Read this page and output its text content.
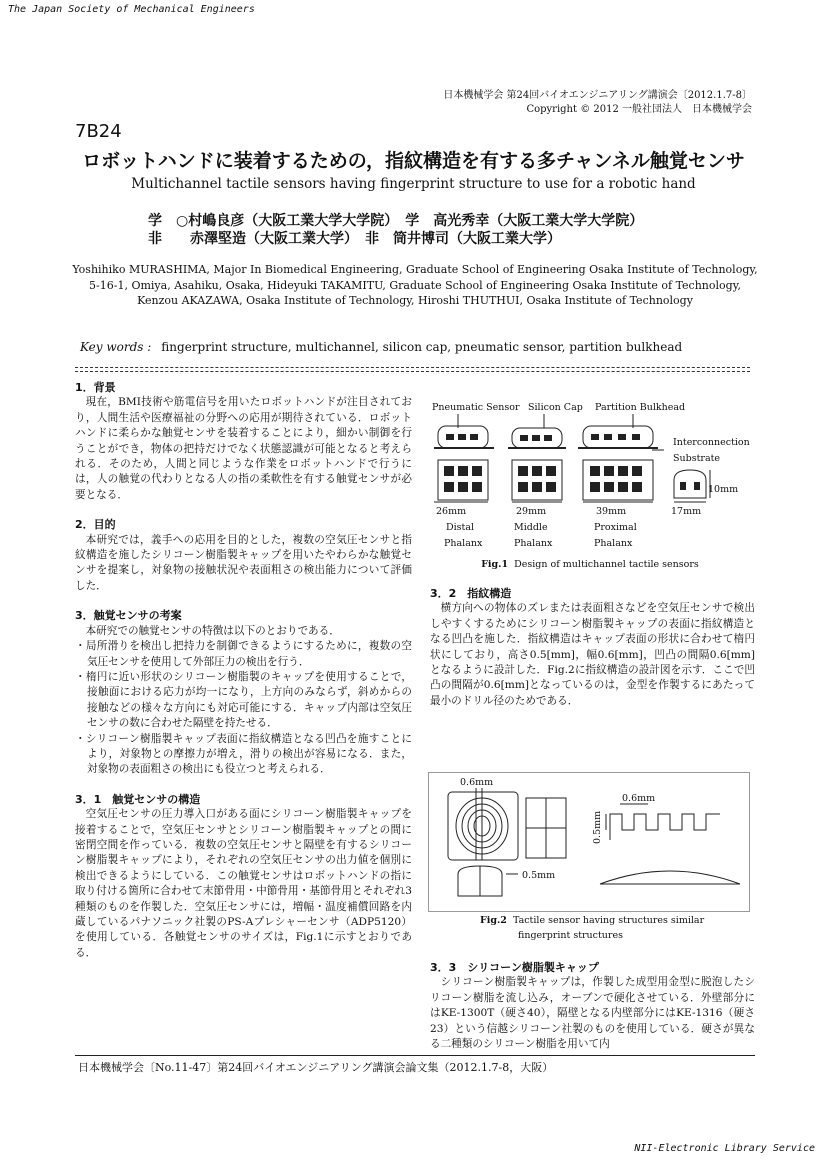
The Japan Society of Mechanical Engineers
日本機械学会 第24回バイオエンジニアリング講演会〔2012.1.7-8〕
Copyright © 2012 一般社団法人　日本機械学会
7B24
ロボットハンドに装着するための，指紋構造を有する多チャンネル触覚センサ
Multichannel tactile sensors having fingerprint structure to use for a robotic hand
学　○村嶋良彦（大阪工業大学大学院）　学　高光秀幸（大阪工業大学大学院）
非　　赤澤堅造（大阪工業大学）　非　筒井博司（大阪工業大学）
Yoshihiko MURASHIMA, Major In Biomedical Engineering, Graduate School of Engineering Osaka Institute of Technology, 5-16-1, Omiya, Asahiku, Osaka, Hideyuki TAKAMITU, Graduate School of Engineering Osaka Institute of Technology, Kenzou AKAZAWA, Osaka Institute of Technology, Hiroshi THUTHUI, Osaka Institute of Technology
Key words : fingerprint structure, multichannel, silicon cap, pneumatic sensor, partition bulkhead
1．背景

現在，BMI技術や筋電信号を用いたロボットハンドが注目されており，人間生活や医療福祉の分野への応用が期待されている．ロボットハンドに柔らかな触覚センサを装着することにより，細かい制御を行うことができ，物体の把持だけでなく状態認識が可能となると考えられる．そのため，人間と同じような作業をロボットハンドで行うには，人の触覚の代わりとなる人の指の柔軟性を有する触覚センサが必要となる．

2．目的

本研究では，義手への応用を目的とした，複数の空気圧センサと指紋構造を施したシリコーン樹脂製キャップを用いたやわらかな触覚センサを提案し，対象物の接触状況や表面粗さの検出能力について評価した．

3．触覚センサの考案

本研究での触覚センサの特徴は以下のとおりである．

・局所滑りを検出し把持力を制御できるようにするために，複数の空気圧センサを使用して外部圧力の検出を行う．

・楕円に近い形状のシリコーン樹脂製のキャップを使用することで，接触面における応力が均一になり，上方向のみならず，斜めからの接触などの様々な方向にも対応可能にする．キャップ内部は空気圧センサの数に合わせた隔壁を持たせる．

・シリコーン樹脂製キャップ表面に指紋構造となる凹凸を施すことにより，対象物との摩擦力が増え，滑りの検出が容易になる．また，対象物の表面粗さの検出にも役立つと考えられる．

3．1　触覚センサの構造

空気圧センサの圧力導入口がある面にシリコーン樹脂製キャップを接着することで，空気圧センサとシリコーン樹脂製キャップとの間に密閉空間を作っている．複数の空気圧センサと隔壁を有するシリコーン樹脂製キャップにより，それぞれの空気圧センサの出力値を個別に検出できるようにしている．この触覚センサはロボットハンドの指に取り付ける箇所に合わせて末節骨用・中節骨用・基節骨用とそれぞれ3種類のものを作製した．空気圧センサには，増幅・温度補償回路を内蔵しているパナソニック社製のPS-Aプレシャーセンサ（ADP5120）を使用している．各触覚センサのサイズは，Fig.1に示すとおりである．

Pneumatic Sensor Silicon Cap Partition Bulkhead
Interconnection
Substrate
10mm
17mm
26mm	29mm	39mm
Distal
Phalanx
Middle
Phalanx
Proximal
Phalanx
Fig.1 Design of multichannel tactile sensors
3．2　指紋構造

横方向への物体のズレまたは表面粗さなどを空気圧センサで検出しやすくするためにシリコーン樹脂製キャップの表面に指紋構造となる凹凸を施した．指紋構造はキャップ表面の形状に合わせて楕円状にしており，高さ0.5[mm]，幅0.6[mm]，凹凸の間隔0.6[mm]となるように設計した．Fig.2に指紋構造の設計図を示す．ここで凹凸の間隔が0.6[mm]となっているのは，金型を作製するにあたって最小のドリル径のためである．

0.6mm
0.6mm
0.5mm
0.5mm
Fig.2 Tactile sensor having structures similar
fingerprint structures
3．3　シリコーン樹脂製キャップ

シリコーン樹脂製キャップは，作製した成型用金型に脱泡したシリコーン樹脂を流し込み，オーブンで硬化させている．外壁部分にはKE-1300T（硬さ40），隔壁となる内壁部分にはKE-1316（硬さ23）という信越シリコーン社製のものを使用している．硬さが異なる二種類のシリコーン樹脂を用いて内

日本機械学会〔No.11-47〕第24回バイオエンジニアリング講演会論文集（2012.1.7-8，大阪）
NII-Electronic Library Service
